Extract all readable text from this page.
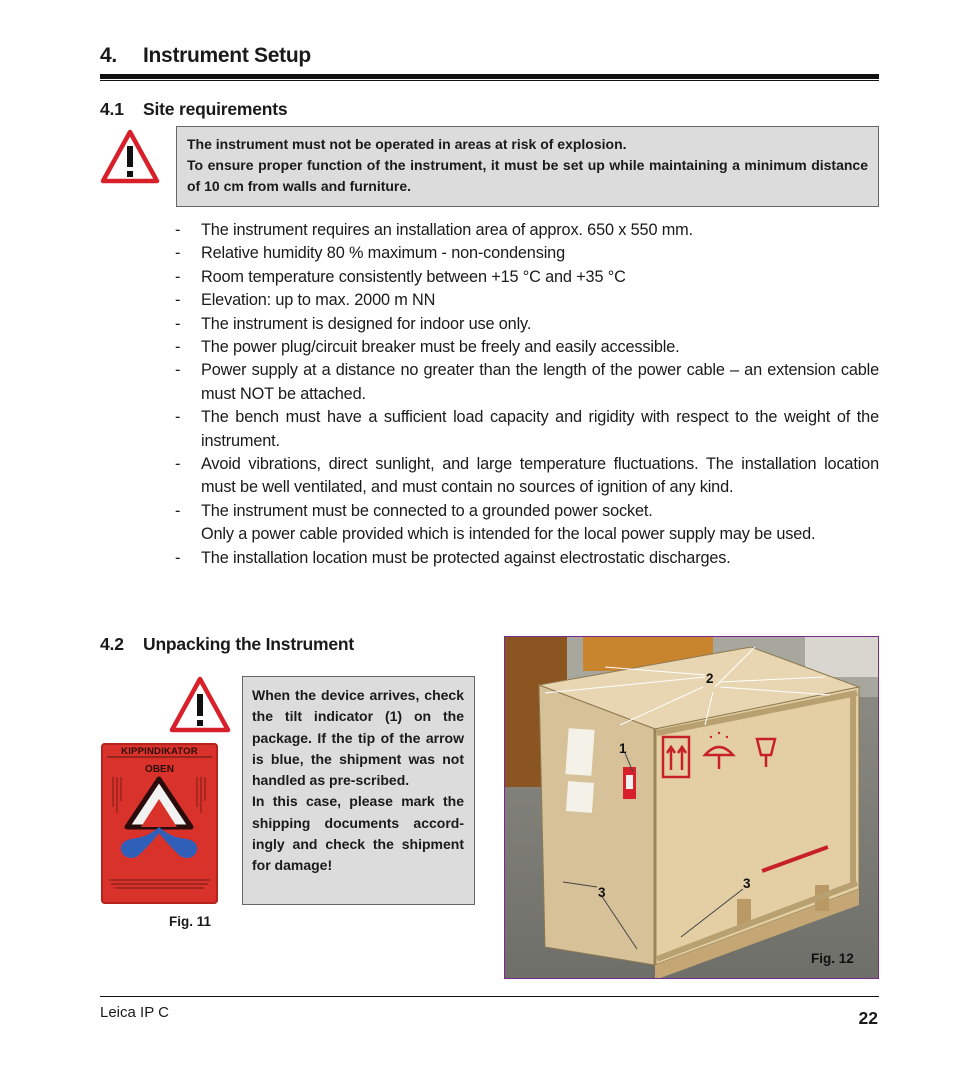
4. Instrument Setup
4.1 Site requirements

The instrument must not be operated in areas at risk of explosion.

To ensure proper function of the instrument, it must be set up while maintaining a minimum distance of 10 cm from walls and furniture.

- The instrument requires an installation area of approx. 650 x 550 mm.
- Relative humidity 80 % maximum - non-condensing
- Room temperature consistently between +15 °C and +35 °C
- Elevation: up to max. 2000 m NN
- The instrument is designed for indoor use only.
- The power plug/circuit breaker must be freely and easily accessible.
- Power supply at a distance no greater than the length of the power cable – an extension cable must NOT be attached.
- The bench must have a sufficient load capacity and rigidity with respect to the weight of the instrument.
- Avoid vibrations, direct sunlight, and large temperature fluctuations. The installation location must be well ventilated, and must contain no sources of ignition of any kind.
- The instrument must be connected to a grounded power socket.
Only a power cable provided which is intended for the local power supply may be used.
- The installation location must be protected against electrostatic discharges.
4.2 Unpacking the Instrument
KIPPINDIKATOR
OBEN

Fig. 11

When the device arrives, check the tilt indicator (1) on the package. If the tip of the arrow is blue, the shipment was not handled as pre-scribed.

In this case, please mark the shipping documents accord-ingly and check the shipment for damage!

2
1
3
3
Fig. 12

Leica IP C	22
